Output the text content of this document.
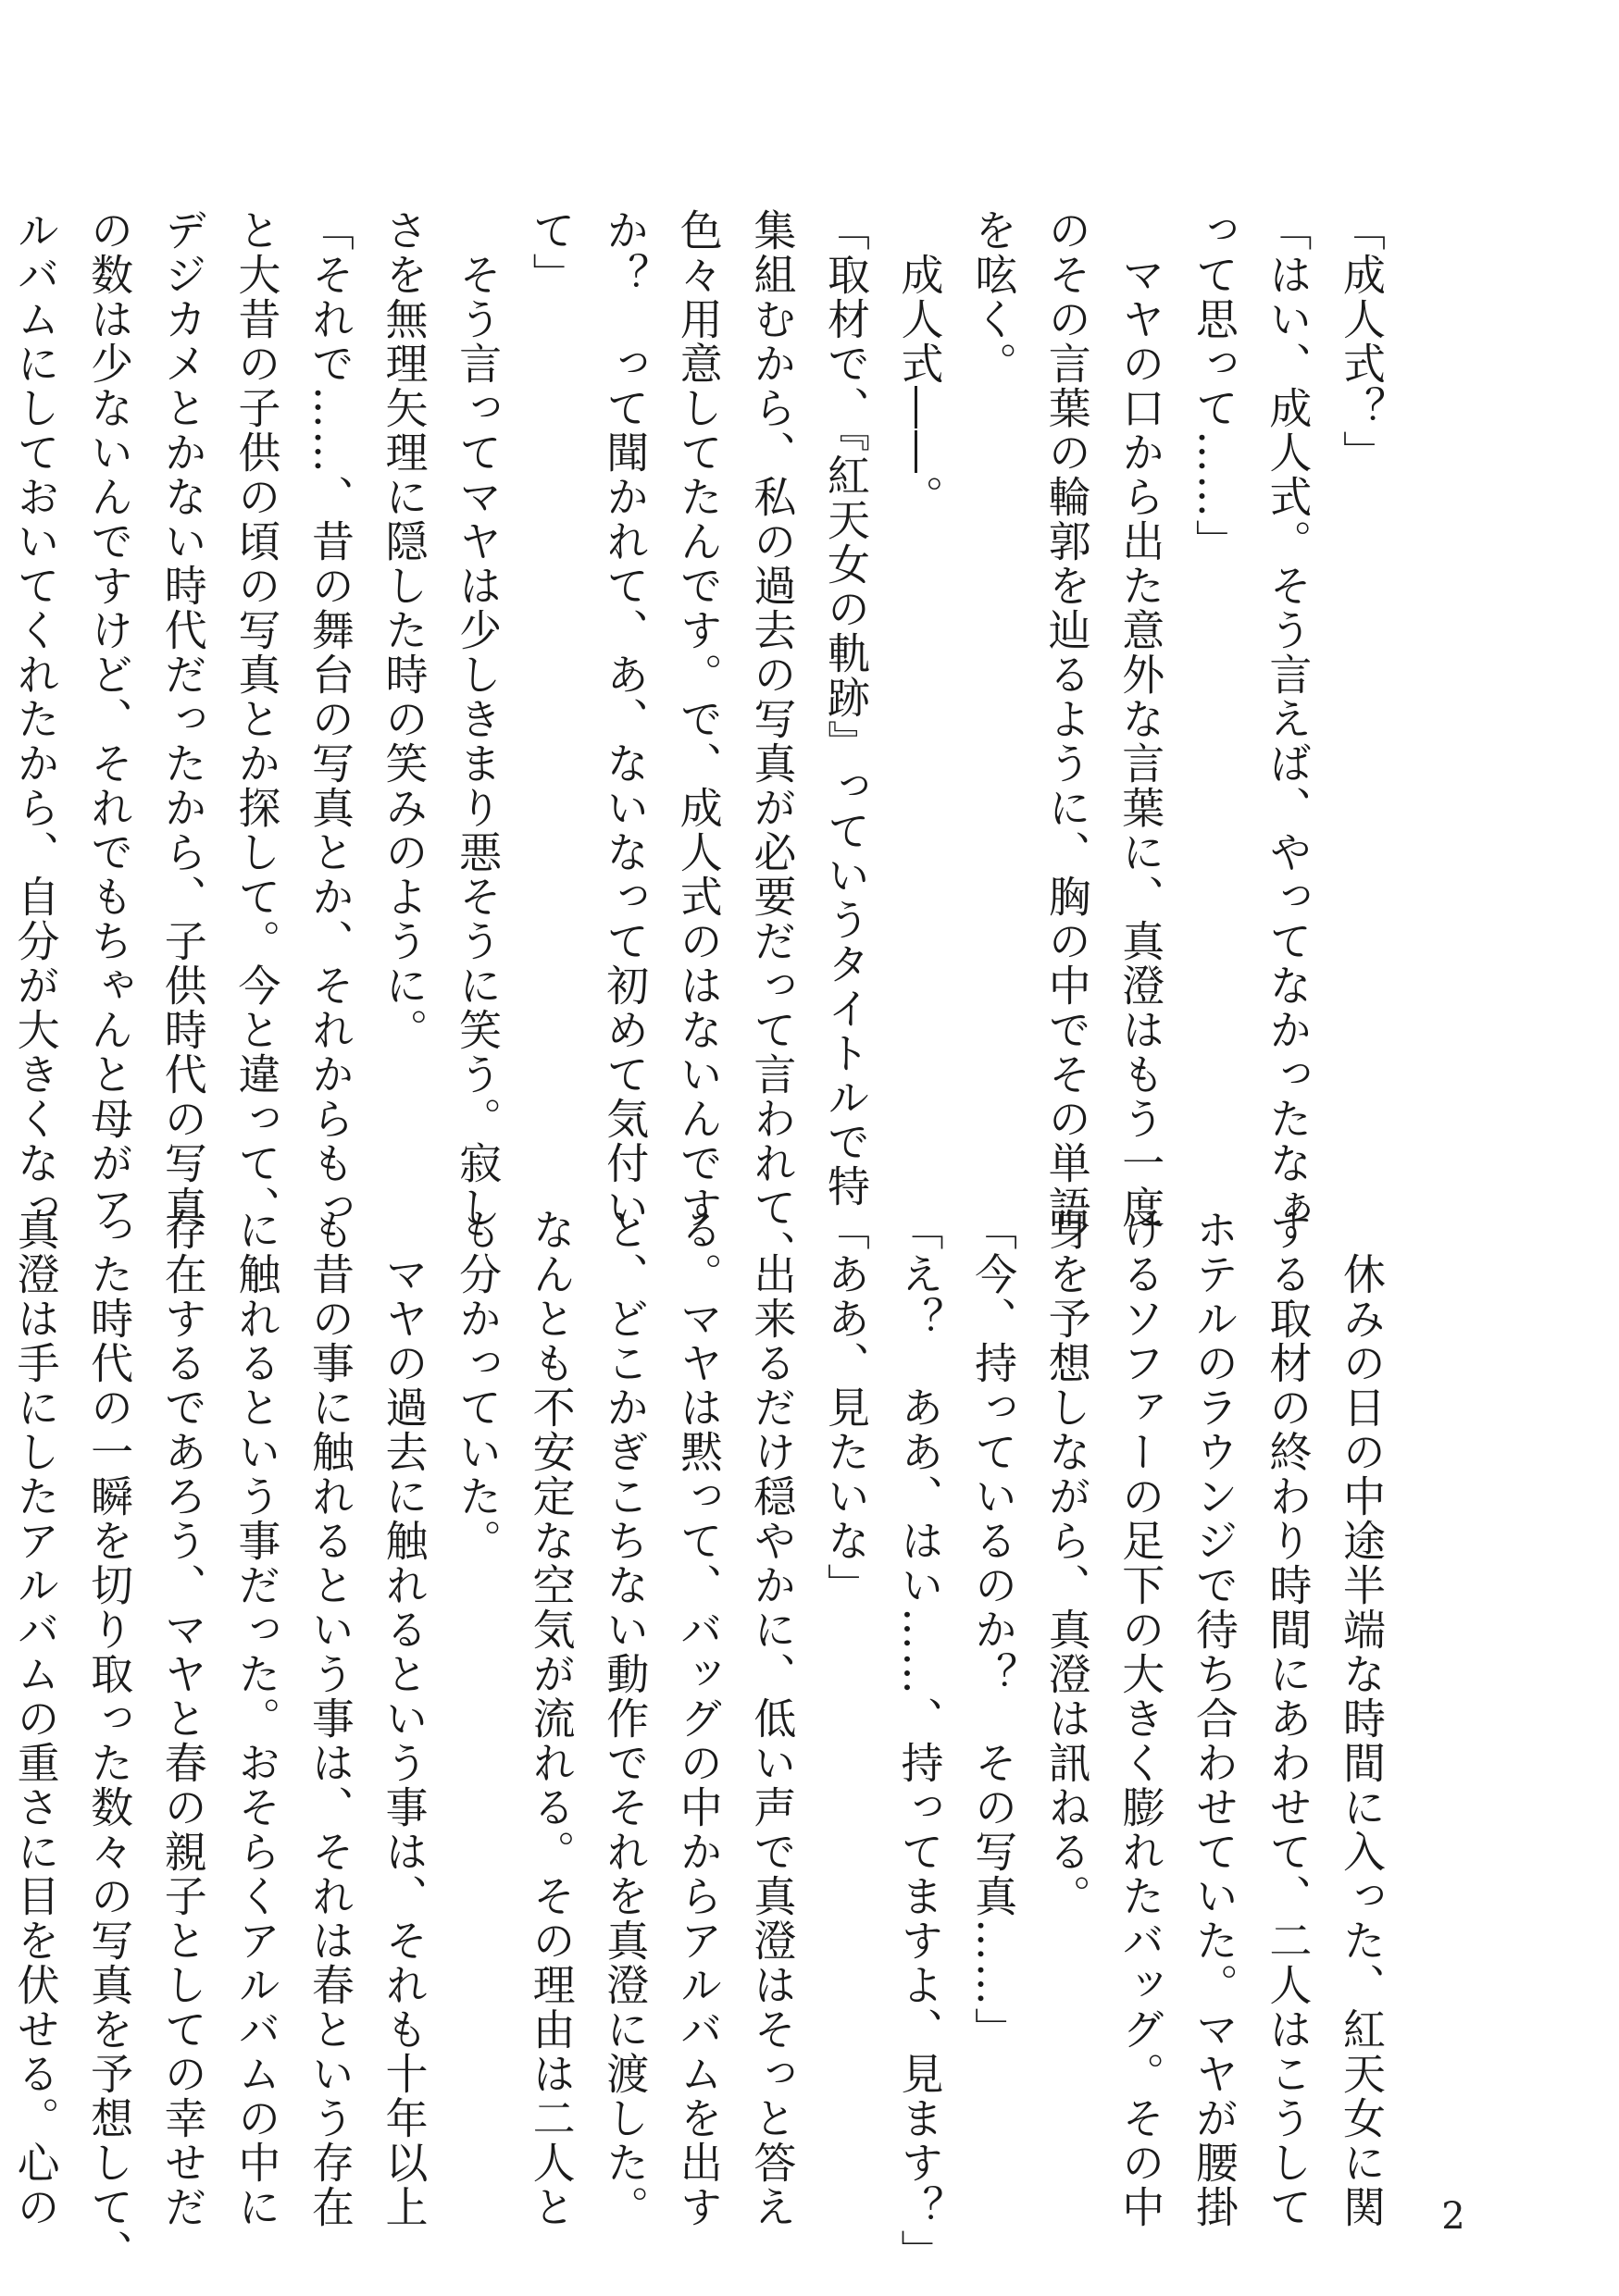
「成人式？」

「はい、成人式。そう言えば、やってなかったなぁ

って思って……」

　マヤの口から出た意外な言葉に、真澄はもう一度

のその言葉の輪郭を辿るように、胸の中でその単語

を呟く。

　成人式――。

「取材で、『紅天女の軌跡』っていうタイトルで特

集組むから、私の過去の写真が必要だって言われて、

色々用意してたんです。で、成人式のはないんです

か？　って聞かれて、あ、ないなって初めて気付い

て」

　そう言ってマヤは少しきまり悪そうに笑う。寂し

さを無理矢理に隠した時の笑みのように。

「それで……、昔の舞台の写真とか、それからもっ

と大昔の子供の頃の写真とか探して。今と違って、

デジカメとかない時代だったから、子供時代の写真

の数は少ないんですけど、それでもちゃんと母がア

ルバムにしておいてくれたから、自分が大きくなっ

　休みの日の中途半端な時間に入った、紅天女に関

する取材の終わり時間にあわせて、二人はこうして

ホテルのラウンジで待ち合わせていた。マヤが腰掛

けるソファーの足下の大きく膨れたバッグ。その中

身を予想しながら、真澄は訊ねる。

「今、持っているのか？　その写真……」

「え？　ああ、はい……、持ってますよ、見ます？」

「ああ、見たいな」

　出来るだけ穏やかに、低い声で真澄はそっと答え

る。マヤは黙って、バッグの中からアルバムを出す

と、どこかぎこちない動作でそれを真澄に渡した。

なんとも不安定な空気が流れる。その理由は二人と

も分かっていた。

　マヤの過去に触れるという事は、それも十年以上

も昔の事に触れるという事は、それは春という存在

に触れるという事だった。おそらくアルバムの中に

存在するであろう、マヤと春の親子としての幸せだ

った時代の一瞬を切り取った数々の写真を予想して、

真澄は手にしたアルバムの重さに目を伏せる。心の	2
